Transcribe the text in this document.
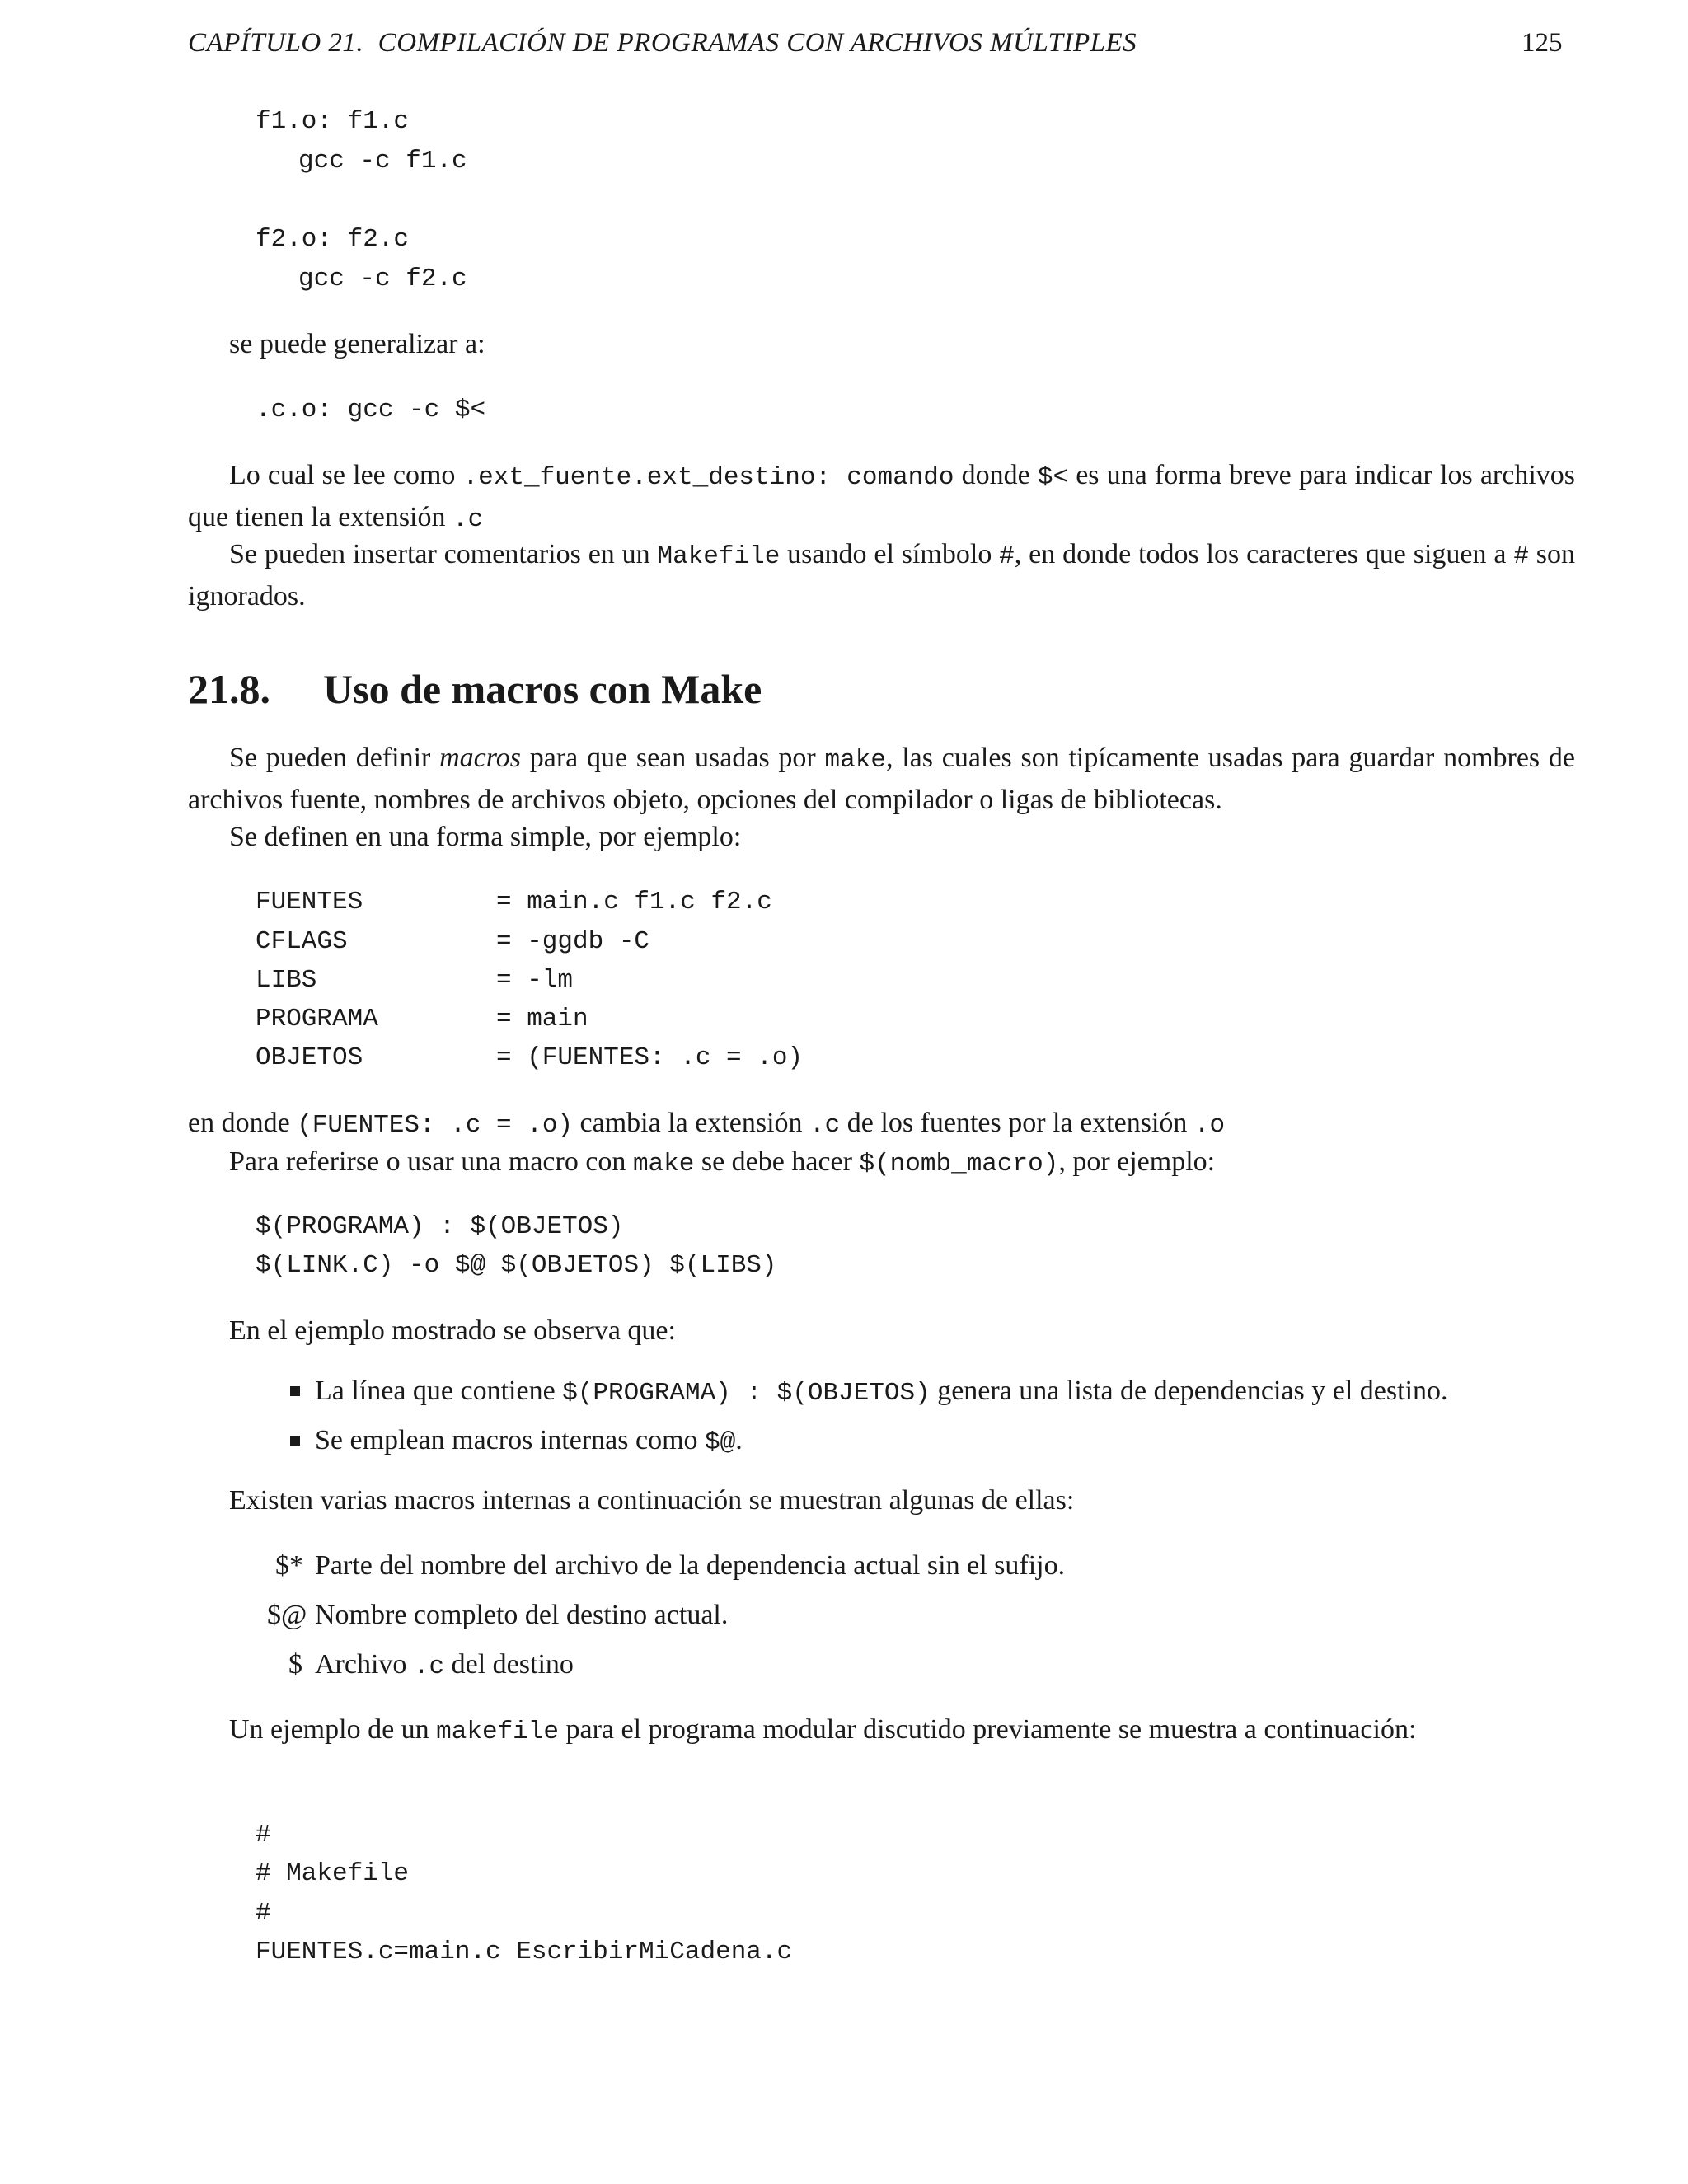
CAPÍTULO 21.  COMPILACIÓN DE PROGRAMAS CON ARCHIVOS MÚLTIPLES	125
f1.o: f1.c
gcc -c f1.c
f2.o: f2.c
gcc -c f2.c
se puede generalizar a:
.c.o: gcc -c $<
Lo cual se lee como .ext_fuente.ext_destino: comando donde $< es una forma breve para indicar los archivos que tienen la extensión .c
Se pueden insertar comentarios en un Makefile usando el símbolo #, en donde todos los caracteres que siguen a # son ignorados.
21.8. Uso de macros con Make
Se pueden definir macros para que sean usadas por make, las cuales son tipícamente usadas para guardar nombres de archivos fuente, nombres de archivos objeto, opciones del compilador o ligas de bibliotecas.
Se definen en una forma simple, por ejemplo:
FUENTES	= main.c f1.c f2.c
CFLAGS	= -ggdb -C
LIBS	= -lm
PROGRAMA	= main
OBJETOS	= (FUENTES: .c = .o)
en donde (FUENTES: .c = .o) cambia la extensión .c de los fuentes por la extensión .o
Para referirse o usar una macro con make se debe hacer $(nomb_macro), por ejemplo:
$(PROGRAMA) : $(OBJETOS)
$(LINK.C) -o $@ $(OBJETOS) $(LIBS)
En el ejemplo mostrado se observa que:
La línea que contiene $(PROGRAMA) : $(OBJETOS) genera una lista de dependencias y el destino.
Se emplean macros internas como $@.
Existen varias macros internas a continuación se muestran algunas de ellas:
$* Parte del nombre del archivo de la dependencia actual sin el sufijo.
$@ Nombre completo del destino actual.
$ Archivo .c del destino
Un ejemplo de un makefile para el programa modular discutido previamente se muestra a continuación:
#
# Makefile
#
FUENTES.c=main.c EscribirMiCadena.c
